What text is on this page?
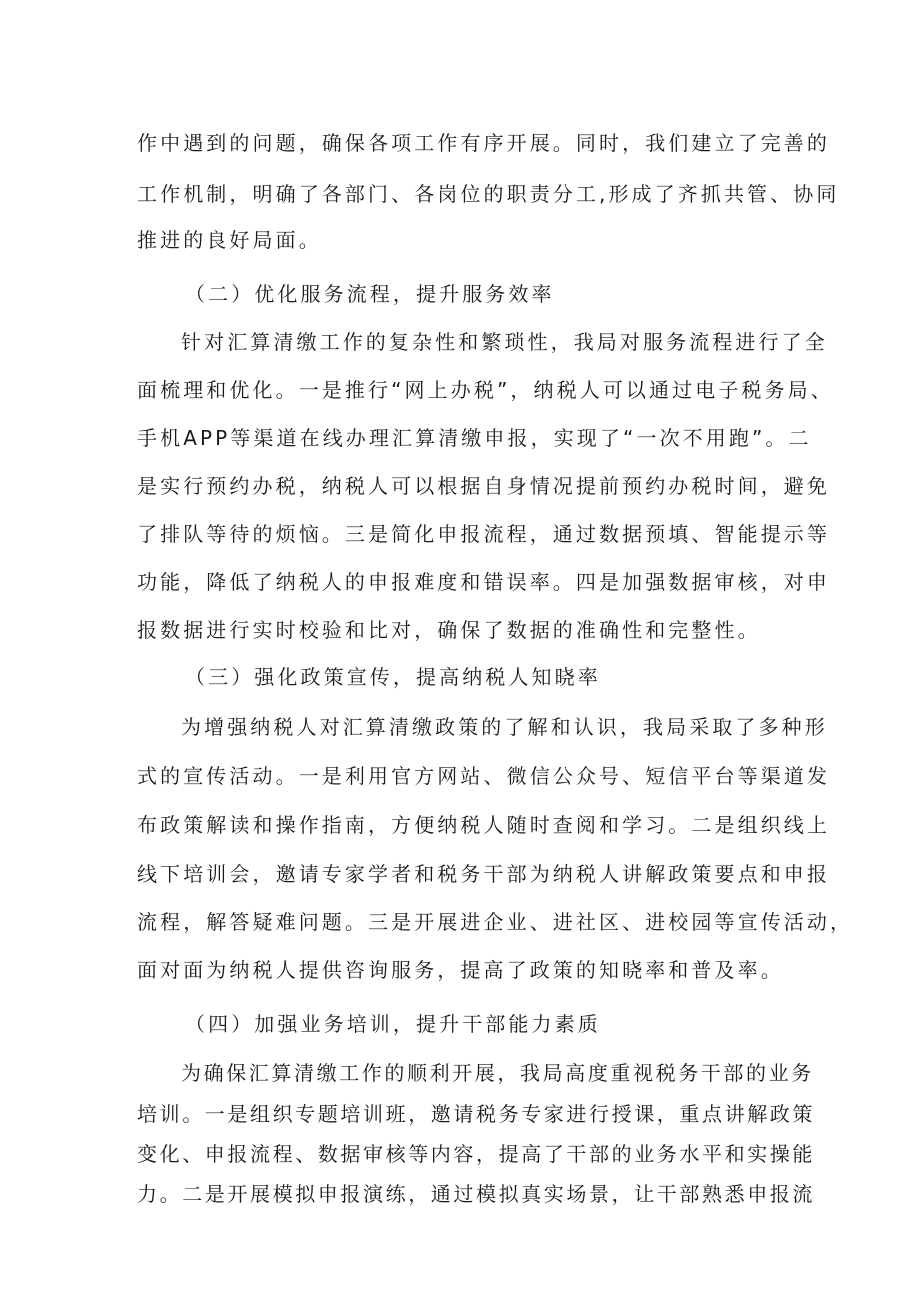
作中遇到的问题，确保各项工作有序开展。同时，我们建立了完善的
工作机制，明确了各部门、各岗位的职责分工,形成了齐抓共管、协同
推进的良好局面。
（二）优化服务流程，提升服务效率
针对汇算清缴工作的复杂性和繁琐性，我局对服务流程进行了全
面梳理和优化。一是推行“网上办税”，纳税人可以通过电子税务局、
手机APP等渠道在线办理汇算清缴申报，实现了“一次不用跑”。二
是实行预约办税，纳税人可以根据自身情况提前预约办税时间，避免
了排队等待的烦恼。三是简化申报流程，通过数据预填、智能提示等
功能，降低了纳税人的申报难度和错误率。四是加强数据审核，对申
报数据进行实时校验和比对，确保了数据的准确性和完整性。
（三）强化政策宣传，提高纳税人知晓率
为增强纳税人对汇算清缴政策的了解和认识，我局采取了多种形
式的宣传活动。一是利用官方网站、微信公众号、短信平台等渠道发
布政策解读和操作指南，方便纳税人随时查阅和学习。二是组织线上
线下培训会，邀请专家学者和税务干部为纳税人讲解政策要点和申报
流程，解答疑难问题。三是开展进企业、进社区、进校园等宣传活动，
面对面为纳税人提供咨询服务，提高了政策的知晓率和普及率。
（四）加强业务培训，提升干部能力素质
为确保汇算清缴工作的顺利开展，我局高度重视税务干部的业务
培训。一是组织专题培训班，邀请税务专家进行授课，重点讲解政策
变化、申报流程、数据审核等内容，提高了干部的业务水平和实操能
力。二是开展模拟申报演练，通过模拟真实场景，让干部熟悉申报流
